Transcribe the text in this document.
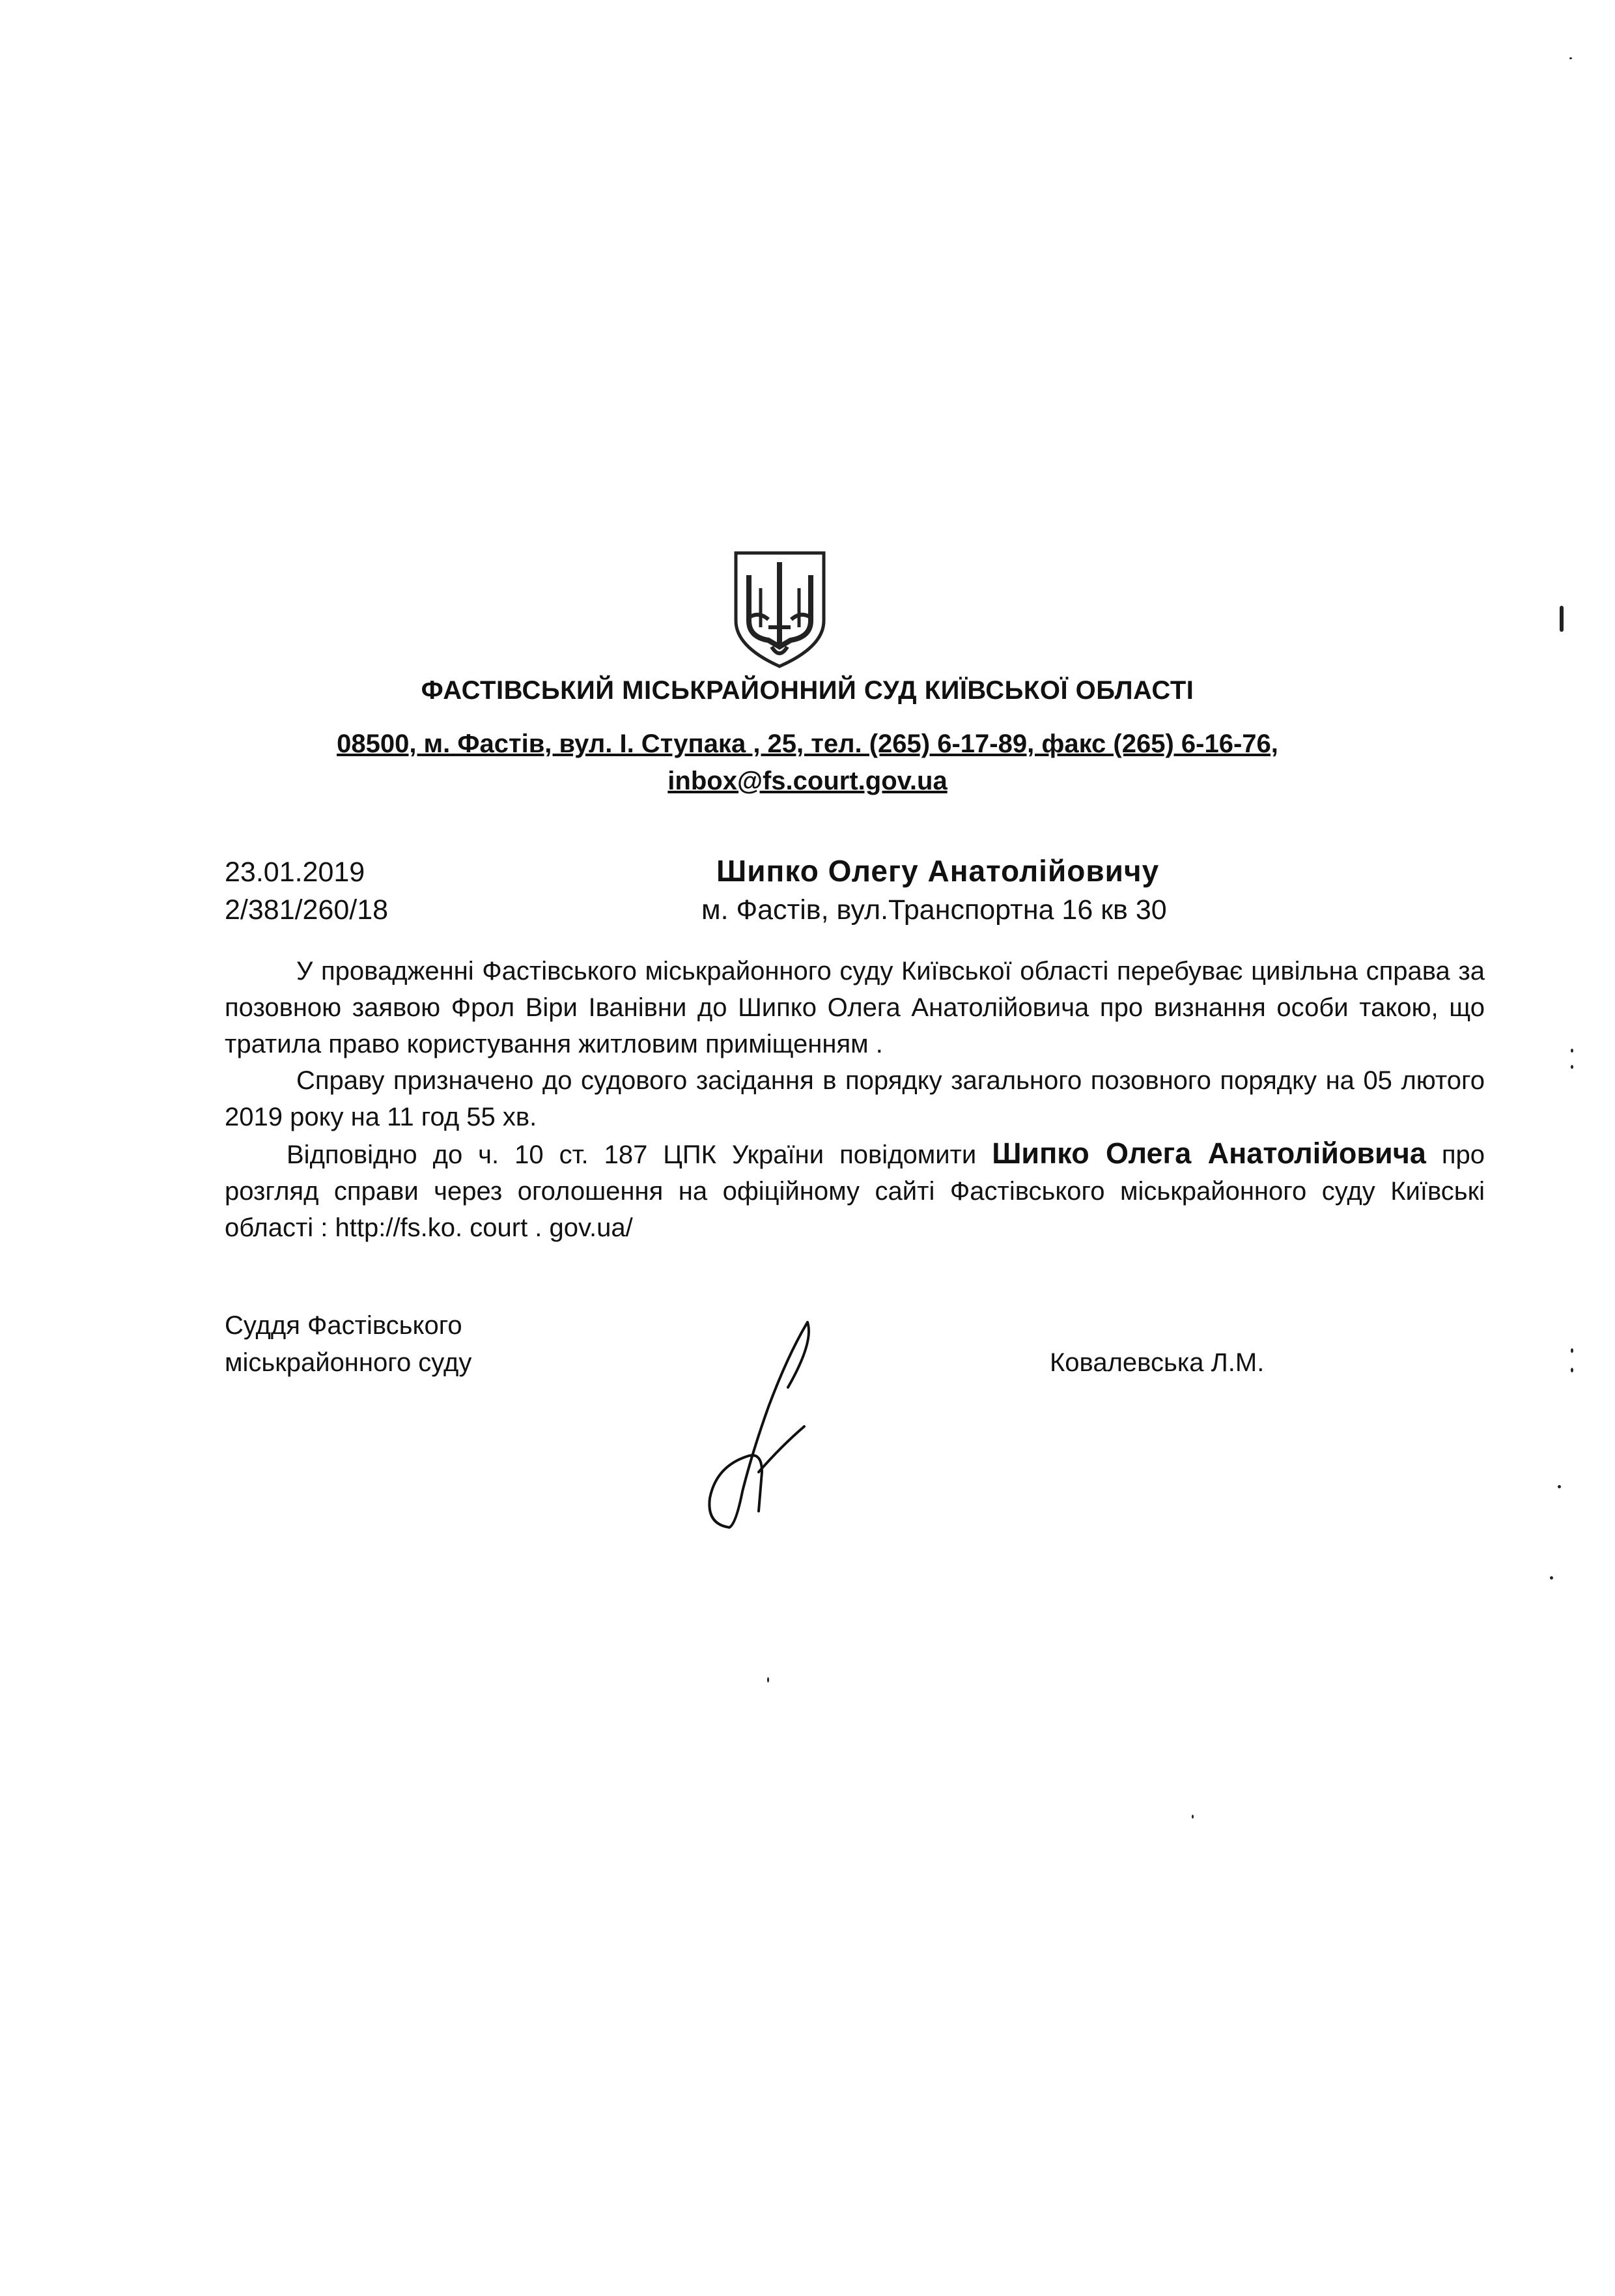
ФАСТІВСЬКИЙ МІСЬКРАЙОННИЙ СУД КИЇВСЬКОЇ ОБЛАСТІ
08500, м. Фастів, вул. І. Ступака , 25, тел. (265) 6-17-89, факс (265) 6-16-76,
inbox@fs.court.gov.ua
23.01.2019
2/381/260/18
Шипко Олегу Анатолійовичу
м. Фастів, вул.Транспортна 16 кв 30

У провадженні Фастівського міськрайонного суду Київської області перебуває цивільна справа за позовною заявою Фрол Віри Іванівни до Шипко Олега Анатолійовича про визнання особи такою, що тратила право користування житловим приміщенням .

Справу призначено до судового засідання в порядку загального позовного порядку на 05 лютого 2019 року на 11 год 55 хв.

Відповідно до ч. 10 ст. 187 ЦПК України повідомити Шипко Олега Анатолійовича про розгляд справи через оголошення на офіційному сайті Фастівського міськрайонного суду Київські області : http://fs.ko. court . gov.ua/

Суддя Фастівського
міськрайонного суду	Ковалевська Л.М.
